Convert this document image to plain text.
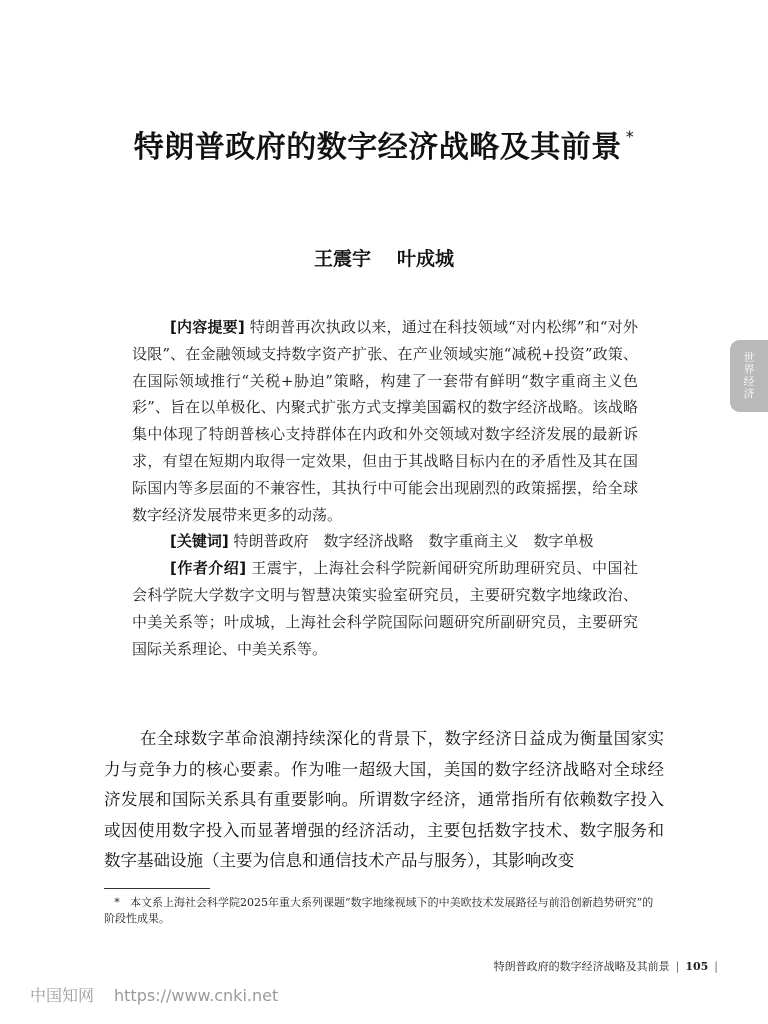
特朗普政府的数字经济战略及其前景 *
王震宇 叶成城
世界经济

[内容提要] 特朗普再次执政以来，通过在科技领域“对内松绑”和“对外设限”、在金融领域支持数字资产扩张、在产业领域实施“减税+投资”政策、在国际领域推行“关税+胁迫”策略，构建了一套带有鲜明“数字重商主义色彩”、旨在以单极化、内聚式扩张方式支撑美国霸权的数字经济战略。该战略集中体现了特朗普核心支持群体在内政和外交领域对数字经济发展的最新诉求，有望在短期内取得一定效果，但由于其战略目标内在的矛盾性及其在国际国内等多层面的不兼容性，其执行中可能会出现剧烈的政策摇摆，给全球数字经济发展带来更多的动荡。

[关键词] 特朗普政府　数字经济战略　数字重商主义　数字单极

[作者介绍] 王震宇，上海社会科学院新闻研究所助理研究员、中国社会科学院大学数字文明与智慧决策实验室研究员，主要研究数字地缘政治、中美关系等；叶成城，上海社会科学院国际问题研究所副研究员，主要研究国际关系理论、中美关系等。

在全球数字革命浪潮持续深化的背景下，数字经济日益成为衡量国家实力与竞争力的核心要素。作为唯一超级大国，美国的数字经济战略对全球经济发展和国际关系具有重要影响。所谓数字经济，通常指所有依赖数字投入或因使用数字投入而显著增强的经济活动，主要包括数字技术、数字服务和数字基础设施（主要为信息和通信技术产品与服务），其影响改变

* 本文系上海社会科学院2025年重大系列课题“数字地缘视域下的中美欧技术发展路径与前沿创新趋势研究”的阶段性成果。
特朗普政府的数字经济战略及其前景 | 105 |
中国知网 https://www.cnki.net
